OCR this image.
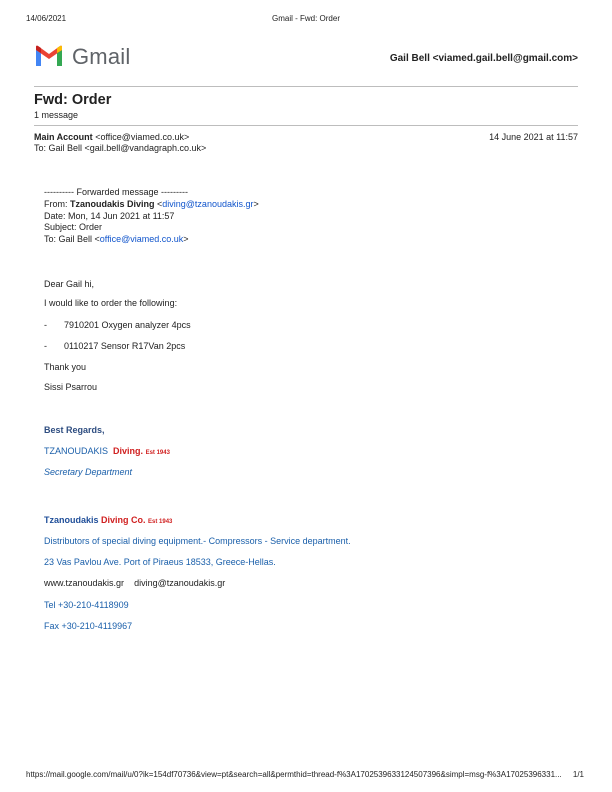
14/06/2021	Gmail - Fwd: Order
Gmail	Gail Bell <viamed.gail.bell@gmail.com>
Fwd: Order
1 message
Main Account <office@viamed.co.uk>	14 June 2021 at 11:57
To: Gail Bell <gail.bell@vandagraph.co.uk>
---------- Forwarded message ---------
From: Tzanoudakis Diving <diving@tzanoudakis.gr>
Date: Mon, 14 Jun 2021 at 11:57
Subject: Order
To: Gail Bell <office@viamed.co.uk>
Dear Gail hi,
I would like to order the following:
- 7910201 Oxygen analyzer 4pcs
- 0110217 Sensor R17Van 2pcs
Thank you
Sissi Psarrou
Best Regards,
TZANOUDAKIS Diving. Est 1943
Secretary Department
Tzanoudakis Diving Co. Est 1943
Distributors of special diving equipment.- Compressors - Service department.
23 Vas Pavlou Ave. Port of Piraeus 18533, Greece-Hellas.
www.tzanoudakis.gr diving@tzanoudakis.gr
Tel +30-210-4118909
Fax +30-210-4119967
https://mail.google.com/mail/u/0?ik=154df70736&view=pt&search=all&permthid=thread-f%3A1702539633124507396&simpl=msg-f%3A17025396331... 1/1
